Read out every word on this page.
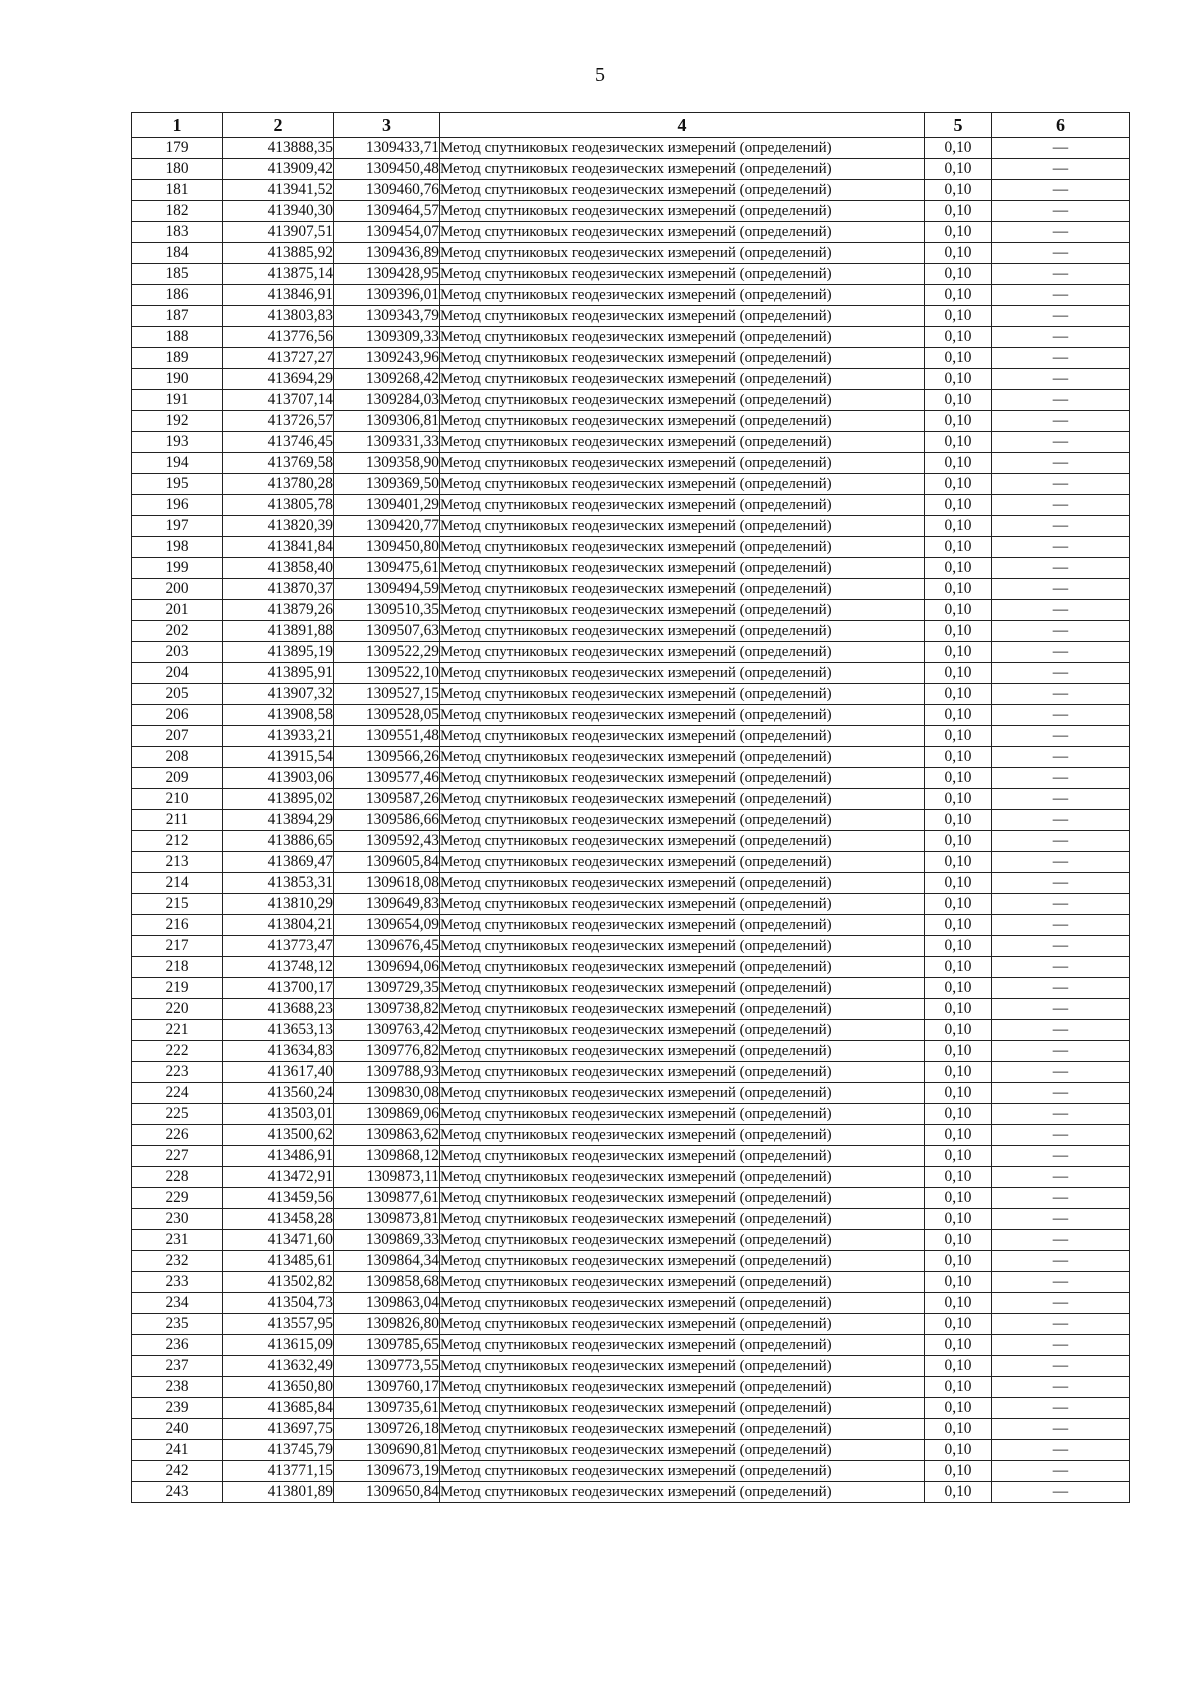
5
1	2	3	4	5	6
179	413888,35	1309433,71	Метод спутниковых геодезических измерений (определений)	0,10	—
180	413909,42	1309450,48	Метод спутниковых геодезических измерений (определений)	0,10	—
181	413941,52	1309460,76	Метод спутниковых геодезических измерений (определений)	0,10	—
182	413940,30	1309464,57	Метод спутниковых геодезических измерений (определений)	0,10	—
183	413907,51	1309454,07	Метод спутниковых геодезических измерений (определений)	0,10	—
184	413885,92	1309436,89	Метод спутниковых геодезических измерений (определений)	0,10	—
185	413875,14	1309428,95	Метод спутниковых геодезических измерений (определений)	0,10	—
186	413846,91	1309396,01	Метод спутниковых геодезических измерений (определений)	0,10	—
187	413803,83	1309343,79	Метод спутниковых геодезических измерений (определений)	0,10	—
188	413776,56	1309309,33	Метод спутниковых геодезических измерений (определений)	0,10	—
189	413727,27	1309243,96	Метод спутниковых геодезических измерений (определений)	0,10	—
190	413694,29	1309268,42	Метод спутниковых геодезических измерений (определений)	0,10	—
191	413707,14	1309284,03	Метод спутниковых геодезических измерений (определений)	0,10	—
192	413726,57	1309306,81	Метод спутниковых геодезических измерений (определений)	0,10	—
193	413746,45	1309331,33	Метод спутниковых геодезических измерений (определений)	0,10	—
194	413769,58	1309358,90	Метод спутниковых геодезических измерений (определений)	0,10	—
195	413780,28	1309369,50	Метод спутниковых геодезических измерений (определений)	0,10	—
196	413805,78	1309401,29	Метод спутниковых геодезических измерений (определений)	0,10	—
197	413820,39	1309420,77	Метод спутниковых геодезических измерений (определений)	0,10	—
198	413841,84	1309450,80	Метод спутниковых геодезических измерений (определений)	0,10	—
199	413858,40	1309475,61	Метод спутниковых геодезических измерений (определений)	0,10	—
200	413870,37	1309494,59	Метод спутниковых геодезических измерений (определений)	0,10	—
201	413879,26	1309510,35	Метод спутниковых геодезических измерений (определений)	0,10	—
202	413891,88	1309507,63	Метод спутниковых геодезических измерений (определений)	0,10	—
203	413895,19	1309522,29	Метод спутниковых геодезических измерений (определений)	0,10	—
204	413895,91	1309522,10	Метод спутниковых геодезических измерений (определений)	0,10	—
205	413907,32	1309527,15	Метод спутниковых геодезических измерений (определений)	0,10	—
206	413908,58	1309528,05	Метод спутниковых геодезических измерений (определений)	0,10	—
207	413933,21	1309551,48	Метод спутниковых геодезических измерений (определений)	0,10	—
208	413915,54	1309566,26	Метод спутниковых геодезических измерений (определений)	0,10	—
209	413903,06	1309577,46	Метод спутниковых геодезических измерений (определений)	0,10	—
210	413895,02	1309587,26	Метод спутниковых геодезических измерений (определений)	0,10	—
211	413894,29	1309586,66	Метод спутниковых геодезических измерений (определений)	0,10	—
212	413886,65	1309592,43	Метод спутниковых геодезических измерений (определений)	0,10	—
213	413869,47	1309605,84	Метод спутниковых геодезических измерений (определений)	0,10	—
214	413853,31	1309618,08	Метод спутниковых геодезических измерений (определений)	0,10	—
215	413810,29	1309649,83	Метод спутниковых геодезических измерений (определений)	0,10	—
216	413804,21	1309654,09	Метод спутниковых геодезических измерений (определений)	0,10	—
217	413773,47	1309676,45	Метод спутниковых геодезических измерений (определений)	0,10	—
218	413748,12	1309694,06	Метод спутниковых геодезических измерений (определений)	0,10	—
219	413700,17	1309729,35	Метод спутниковых геодезических измерений (определений)	0,10	—
220	413688,23	1309738,82	Метод спутниковых геодезических измерений (определений)	0,10	—
221	413653,13	1309763,42	Метод спутниковых геодезических измерений (определений)	0,10	—
222	413634,83	1309776,82	Метод спутниковых геодезических измерений (определений)	0,10	—
223	413617,40	1309788,93	Метод спутниковых геодезических измерений (определений)	0,10	—
224	413560,24	1309830,08	Метод спутниковых геодезических измерений (определений)	0,10	—
225	413503,01	1309869,06	Метод спутниковых геодезических измерений (определений)	0,10	—
226	413500,62	1309863,62	Метод спутниковых геодезических измерений (определений)	0,10	—
227	413486,91	1309868,12	Метод спутниковых геодезических измерений (определений)	0,10	—
228	413472,91	1309873,11	Метод спутниковых геодезических измерений (определений)	0,10	—
229	413459,56	1309877,61	Метод спутниковых геодезических измерений (определений)	0,10	—
230	413458,28	1309873,81	Метод спутниковых геодезических измерений (определений)	0,10	—
231	413471,60	1309869,33	Метод спутниковых геодезических измерений (определений)	0,10	—
232	413485,61	1309864,34	Метод спутниковых геодезических измерений (определений)	0,10	—
233	413502,82	1309858,68	Метод спутниковых геодезических измерений (определений)	0,10	—
234	413504,73	1309863,04	Метод спутниковых геодезических измерений (определений)	0,10	—
235	413557,95	1309826,80	Метод спутниковых геодезических измерений (определений)	0,10	—
236	413615,09	1309785,65	Метод спутниковых геодезических измерений (определений)	0,10	—
237	413632,49	1309773,55	Метод спутниковых геодезических измерений (определений)	0,10	—
238	413650,80	1309760,17	Метод спутниковых геодезических измерений (определений)	0,10	—
239	413685,84	1309735,61	Метод спутниковых геодезических измерений (определений)	0,10	—
240	413697,75	1309726,18	Метод спутниковых геодезических измерений (определений)	0,10	—
241	413745,79	1309690,81	Метод спутниковых геодезических измерений (определений)	0,10	—
242	413771,15	1309673,19	Метод спутниковых геодезических измерений (определений)	0,10	—
243	413801,89	1309650,84	Метод спутниковых геодезических измерений (определений)	0,10	—
